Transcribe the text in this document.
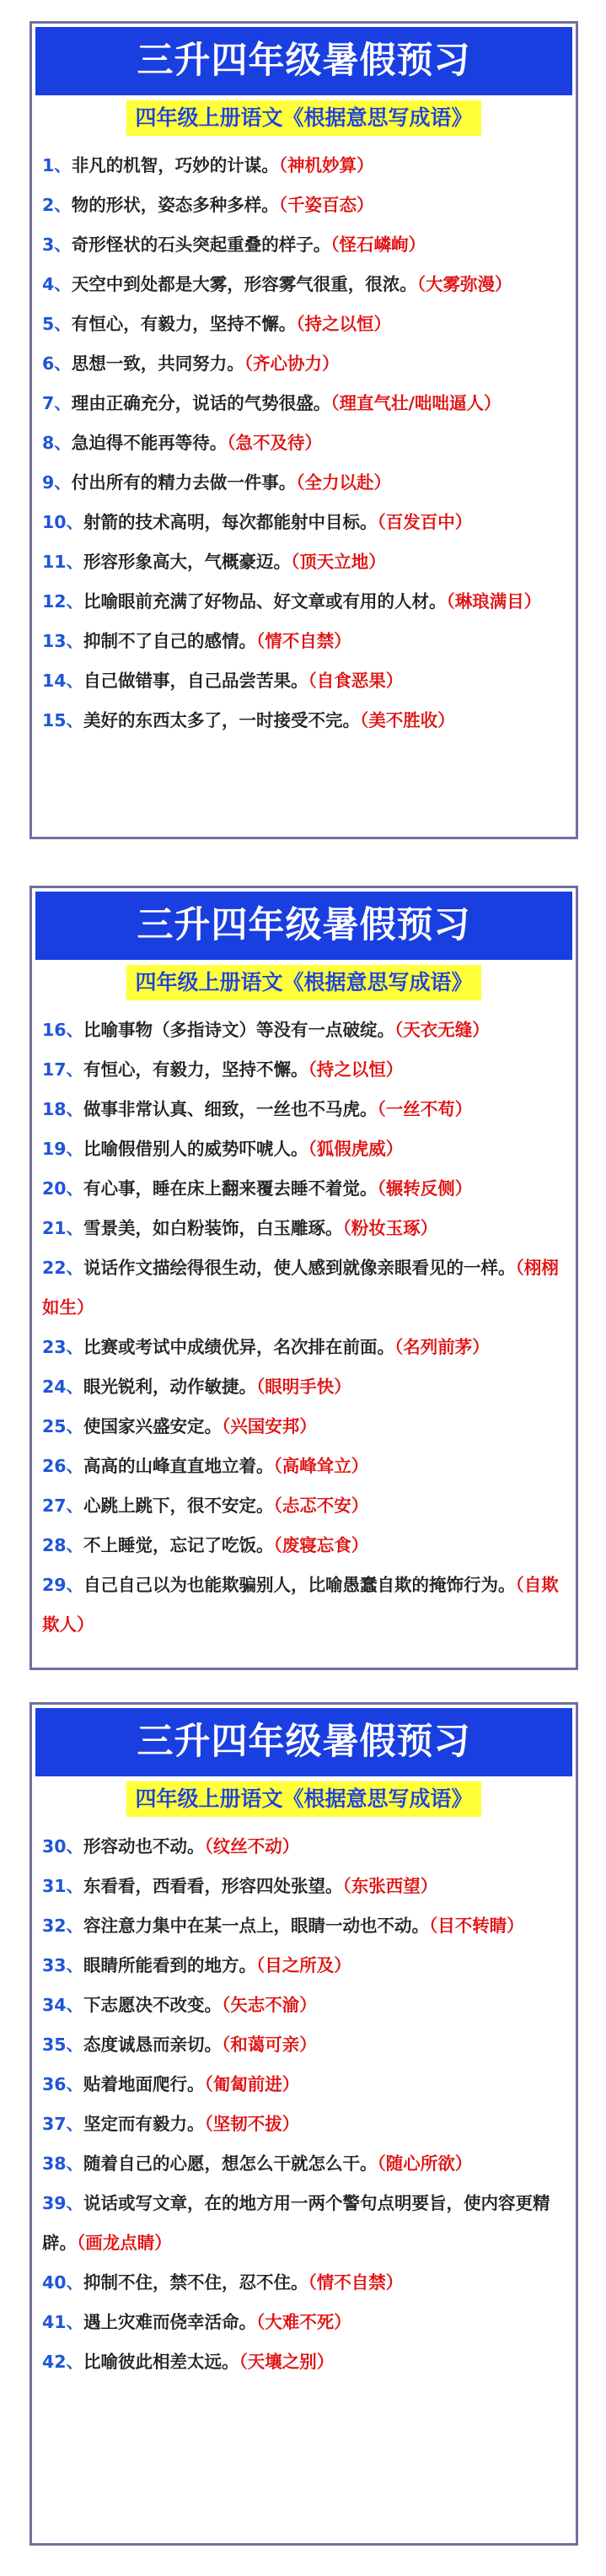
三升四年级暑假预习
四年级上册语文《根据意思写成语》
1、非凡的机智，巧妙的计谋。（神机妙算）
2、物的形状，姿态多种多样。（千姿百态）
3、奇形怪状的石头突起重叠的样子。（怪石嶙峋）
4、天空中到处都是大雾，形容雾气很重，很浓。（大雾弥漫）
5、有恒心，有毅力，坚持不懈。（持之以恒）
6、思想一致，共同努力。（齐心协力）
7、理由正确充分，说话的气势很盛。（理直气壮/咄咄逼人）
8、急迫得不能再等待。（急不及待）
9、付出所有的精力去做一件事。（全力以赴）
10、射箭的技术高明，每次都能射中目标。（百发百中）
11、形容形象高大，气概豪迈。（顶天立地）
12、比喻眼前充满了好物品、好文章或有用的人材。（琳琅满目）
13、抑制不了自己的感情。（情不自禁）
14、自己做错事，自己品尝苦果。（自食恶果）
15、美好的东西太多了，一时接受不完。（美不胜收）
三升四年级暑假预习
四年级上册语文《根据意思写成语》
16、比喻事物（多指诗文）等没有一点破绽。（天衣无缝）
17、有恒心，有毅力，坚持不懈。（持之以恒）
18、做事非常认真、细致，一丝也不马虎。（一丝不苟）
19、比喻假借别人的威势吓唬人。（狐假虎威）
20、有心事，睡在床上翻来覆去睡不着觉。（辗转反侧）
21、雪景美，如白粉装饰，白玉雕琢。（粉妆玉琢）
22、说话作文描绘得很生动，使人感到就像亲眼看见的一样。（栩栩如生）
23、比赛或考试中成绩优异，名次排在前面。（名列前茅）
24、眼光锐利，动作敏捷。（眼明手快）
25、使国家兴盛安定。（兴国安邦）
26、高高的山峰直直地立着。（高峰耸立）
27、心跳上跳下，很不安定。（忐忑不安）
28、不上睡觉，忘记了吃饭。（废寝忘食）
29、自己自己以为也能欺骗别人，比喻愚蠢自欺的掩饰行为。（自欺欺人）
三升四年级暑假预习
四年级上册语文《根据意思写成语》
30、形容动也不动。（纹丝不动）
31、东看看，西看看，形容四处张望。（东张西望）
32、容注意力集中在某一点上，眼睛一动也不动。（目不转睛）
33、眼睛所能看到的地方。（目之所及）
34、下志愿决不改变。（矢志不渝）
35、态度诚恳而亲切。（和蔼可亲）
36、贴着地面爬行。（匍匐前进）
37、坚定而有毅力。（坚韧不拔）
38、随着自己的心愿，想怎么干就怎么干。（随心所欲）
39、说话或写文章，在的地方用一两个警句点明要旨，使内容更精辟。（画龙点睛）
40、抑制不住，禁不住，忍不住。（情不自禁）
41、遇上灾难而侥幸活命。（大难不死）
42、比喻彼此相差太远。（天壤之别）
